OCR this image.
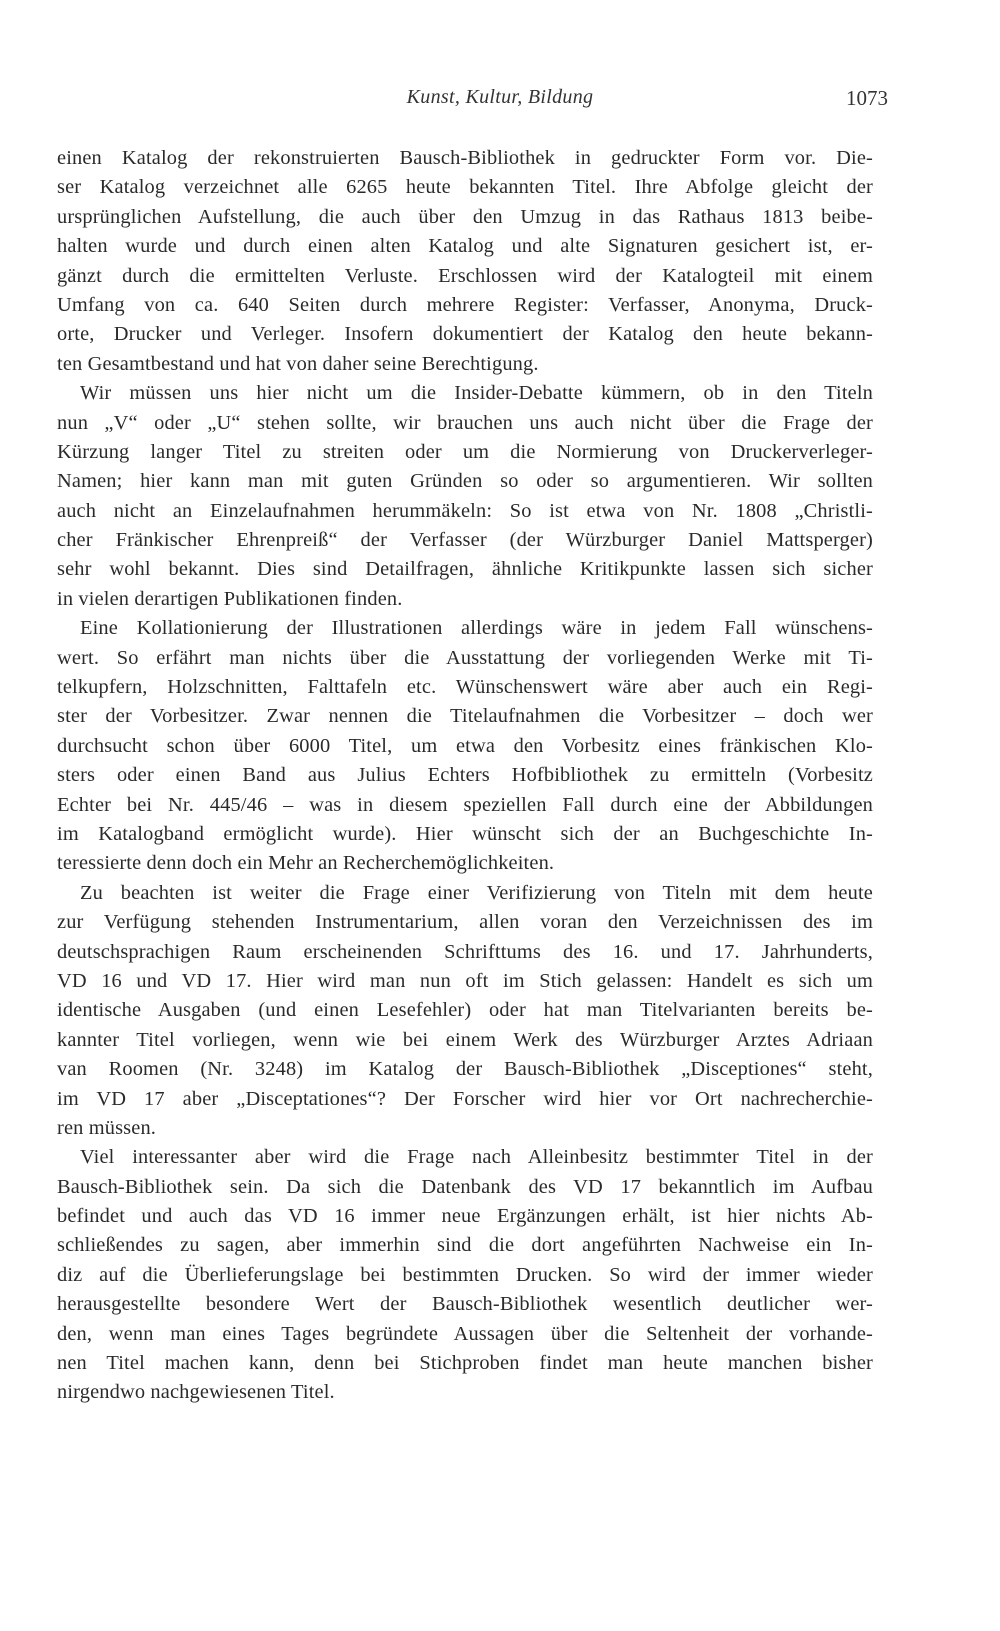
Kunst, Kultur, Bildung	1073
einen Katalog der rekonstruierten Bausch-Bibliothek in gedruckter Form vor. Die-
ser Katalog verzeichnet alle 6265 heute bekannten Titel. Ihre Abfolge gleicht der
ursprünglichen Aufstellung, die auch über den Umzug in das Rathaus 1813 beibe-
halten wurde und durch einen alten Katalog und alte Signaturen gesichert ist, er-
gänzt durch die ermittelten Verluste. Erschlossen wird der Katalogteil mit einem
Umfang von ca. 640 Seiten durch mehrere Register: Verfasser, Anonyma, Druck-
orte, Drucker und Verleger. Insofern dokumentiert der Katalog den heute bekann-
ten Gesamtbestand und hat von daher seine Berechtigung.
Wir müssen uns hier nicht um die Insider-Debatte kümmern, ob in den Titeln
nun „V“ oder „U“ stehen sollte, wir brauchen uns auch nicht über die Frage der
Kürzung langer Titel zu streiten oder um die Normierung von Druckerverleger-
Namen; hier kann man mit guten Gründen so oder so argumentieren. Wir sollten
auch nicht an Einzelaufnahmen herummäkeln: So ist etwa von Nr. 1808 „Christli-
cher Fränkischer Ehrenpreiß“ der Verfasser (der Würzburger Daniel Mattsperger)
sehr wohl bekannt. Dies sind Detailfragen, ähnliche Kritikpunkte lassen sich sicher
in vielen derartigen Publikationen finden.
Eine Kollationierung der Illustrationen allerdings wäre in jedem Fall wünschens-
wert. So erfährt man nichts über die Ausstattung der vorliegenden Werke mit Ti-
telkupfern, Holzschnitten, Falttafeln etc. Wünschenswert wäre aber auch ein Regi-
ster der Vorbesitzer. Zwar nennen die Titelaufnahmen die Vorbesitzer – doch wer
durchsucht schon über 6000 Titel, um etwa den Vorbesitz eines fränkischen Klo-
sters oder einen Band aus Julius Echters Hofbibliothek zu ermitteln (Vorbesitz
Echter bei Nr. 445/46 – was in diesem speziellen Fall durch eine der Abbildungen
im Katalogband ermöglicht wurde). Hier wünscht sich der an Buchgeschichte In-
teressierte denn doch ein Mehr an Recherchemöglichkeiten.
Zu beachten ist weiter die Frage einer Verifizierung von Titeln mit dem heute
zur Verfügung stehenden Instrumentarium, allen voran den Verzeichnissen des im
deutschsprachigen Raum erscheinenden Schrifttums des 16. und 17. Jahrhunderts,
VD 16 und VD 17. Hier wird man nun oft im Stich gelassen: Handelt es sich um
identische Ausgaben (und einen Lesefehler) oder hat man Titelvarianten bereits be-
kannter Titel vorliegen, wenn wie bei einem Werk des Würzburger Arztes Adriaan
van Roomen (Nr. 3248) im Katalog der Bausch-Bibliothek „Disceptiones“ steht,
im VD 17 aber „Disceptationes“? Der Forscher wird hier vor Ort nachrecherchie-
ren müssen.
Viel interessanter aber wird die Frage nach Alleinbesitz bestimmter Titel in der
Bausch-Bibliothek sein. Da sich die Datenbank des VD 17 bekanntlich im Aufbau
befindet und auch das VD 16 immer neue Ergänzungen erhält, ist hier nichts Ab-
schließendes zu sagen, aber immerhin sind die dort angeführten Nachweise ein In-
diz auf die Überlieferungslage bei bestimmten Drucken. So wird der immer wieder
herausgestellte besondere Wert der Bausch-Bibliothek wesentlich deutlicher wer-
den, wenn man eines Tages begründete Aussagen über die Seltenheit der vorhande-
nen Titel machen kann, denn bei Stichproben findet man heute manchen bisher
nirgendwo nachgewiesenen Titel.
